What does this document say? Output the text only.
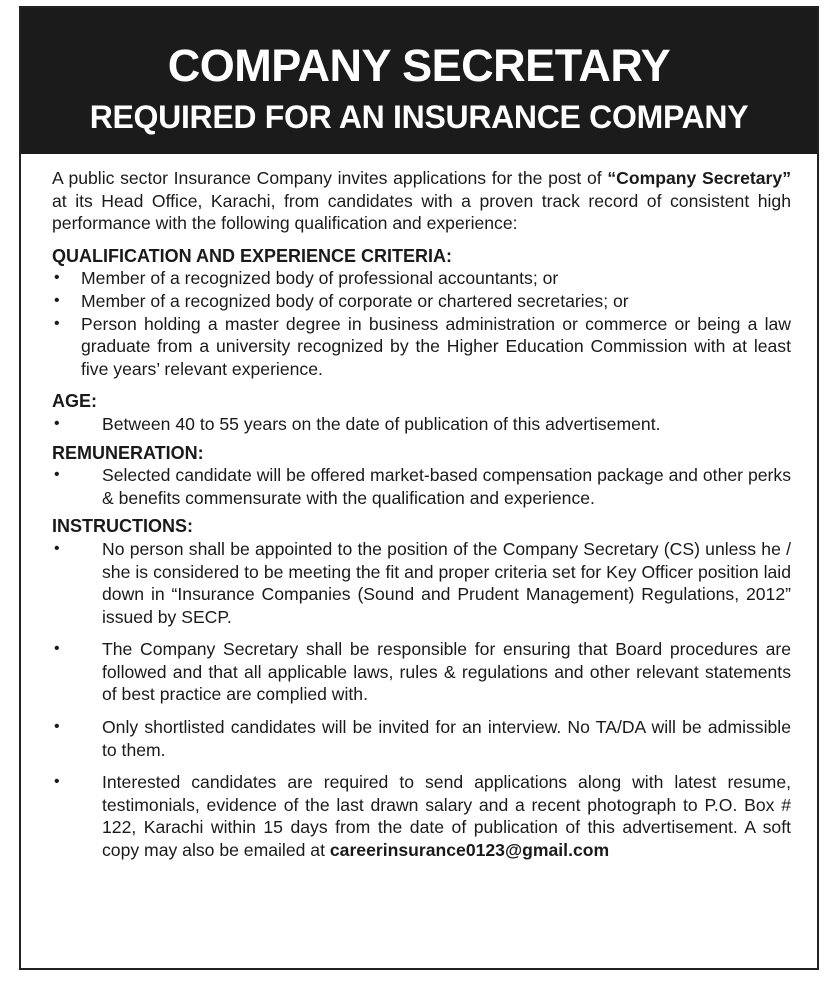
COMPANY SECRETARY
REQUIRED FOR AN INSURANCE COMPANY

A public sector Insurance Company invites applications for the post of “Company Secretary” at its Head Office, Karachi, from candidates with a proven track record of consistent high performance with the following qualification and experience:

QUALIFICATION AND EXPERIENCE CRITERIA:
• Member of a recognized body of professional accountants; or
• Member of a recognized body of corporate or chartered secretaries; or
• Person holding a master degree in business administration or commerce or being a law graduate from a university recognized by the Higher Education Commission with at least five years’ relevant experience.
AGE:
• Between 40 to 55 years on the date of publication of this advertisement.
REMUNERATION:
• Selected candidate will be offered market-based compensation package and other perks & benefits commensurate with the qualification and experience.
INSTRUCTIONS:
• No person shall be appointed to the position of the Company Secretary (CS) unless he / she is considered to be meeting the fit and proper criteria set for Key Officer position laid down in “Insurance Companies (Sound and Prudent Management) Regulations, 2012” issued by SECP.
• The Company Secretary shall be responsible for ensuring that Board procedures are followed and that all applicable laws, rules & regulations and other relevant statements of best practice are complied with.
• Only shortlisted candidates will be invited for an interview. No TA/DA will be admissible to them.
• Interested candidates are required to send applications along with latest resume, testimonials, evidence of the last drawn salary and a recent photograph to P.O. Box # 122, Karachi within 15 days from the date of publication of this advertisement. A soft copy may also be emailed at careerinsurance0123@gmail.com
